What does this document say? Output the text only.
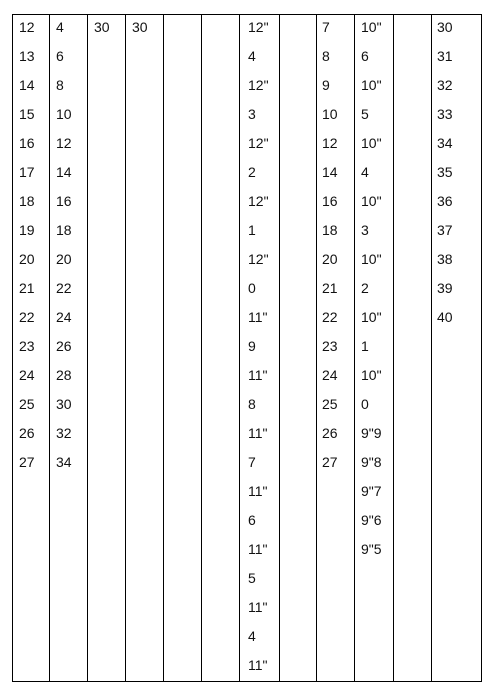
12
13
14
15
16
17
18
19
20
21
22
23
24
25
26
27
4
6
8
10
12
14
16
18
20
22
24
26
28
30
32
34
30 30	12"
4
12"
3
12"
2
12"
1
12"
0
11"
9
11"
8
11"
7
11"
6
11"
5
11"
4
11"
7
8
9
10
12
14
16
18
20
21
22
23
24
25
26
27
10"
6
10"
5
10"
4
10"
3
10"
2
10"
1
10"
0
9"9
9"8
9"7
9"6
9"5
30
31
32
33
34
35
36
37
38
39
40
